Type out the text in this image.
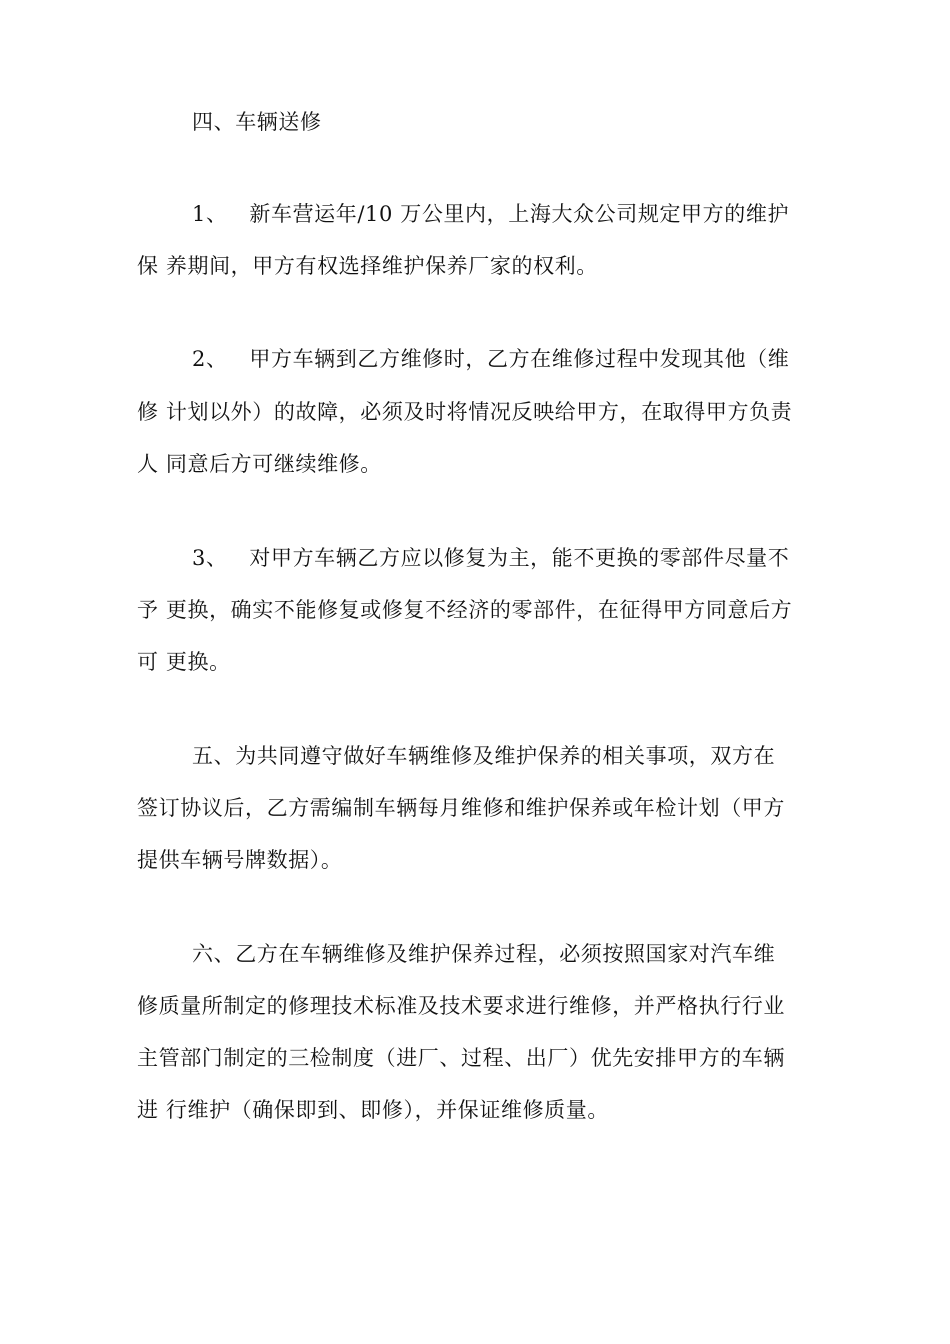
四、车辆送修
1、   新车营运年/10 万公里内，上海大众公司规定甲方的维护
保 养期间，甲方有权选择维护保养厂家的权利。
2、   甲方车辆到乙方维修时，乙方在维修过程中发现其他（维
修 计划以外）的故障，必须及时将情况反映给甲方，在取得甲方负责
人 同意后方可继续维修。
3、   对甲方车辆乙方应以修复为主，能不更换的零部件尽量不
予 更换，确实不能修复或修复不经济的零部件，在征得甲方同意后方
可 更换。
五、为共同遵守做好车辆维修及维护保养的相关事项，双方在
签订协议后，乙方需编制车辆每月维修和维护保养或年检计划（甲方
提供车辆号牌数据）。
六、乙方在车辆维修及维护保养过程，必须按照国家对汽车维
修质量所制定的修理技术标准及技术要求进行维修，并严格执行行业
主管部门制定的三检制度（进厂、过程、出厂）优先安排甲方的车辆
进 行维护（确保即到、即修），并保证维修质量。
